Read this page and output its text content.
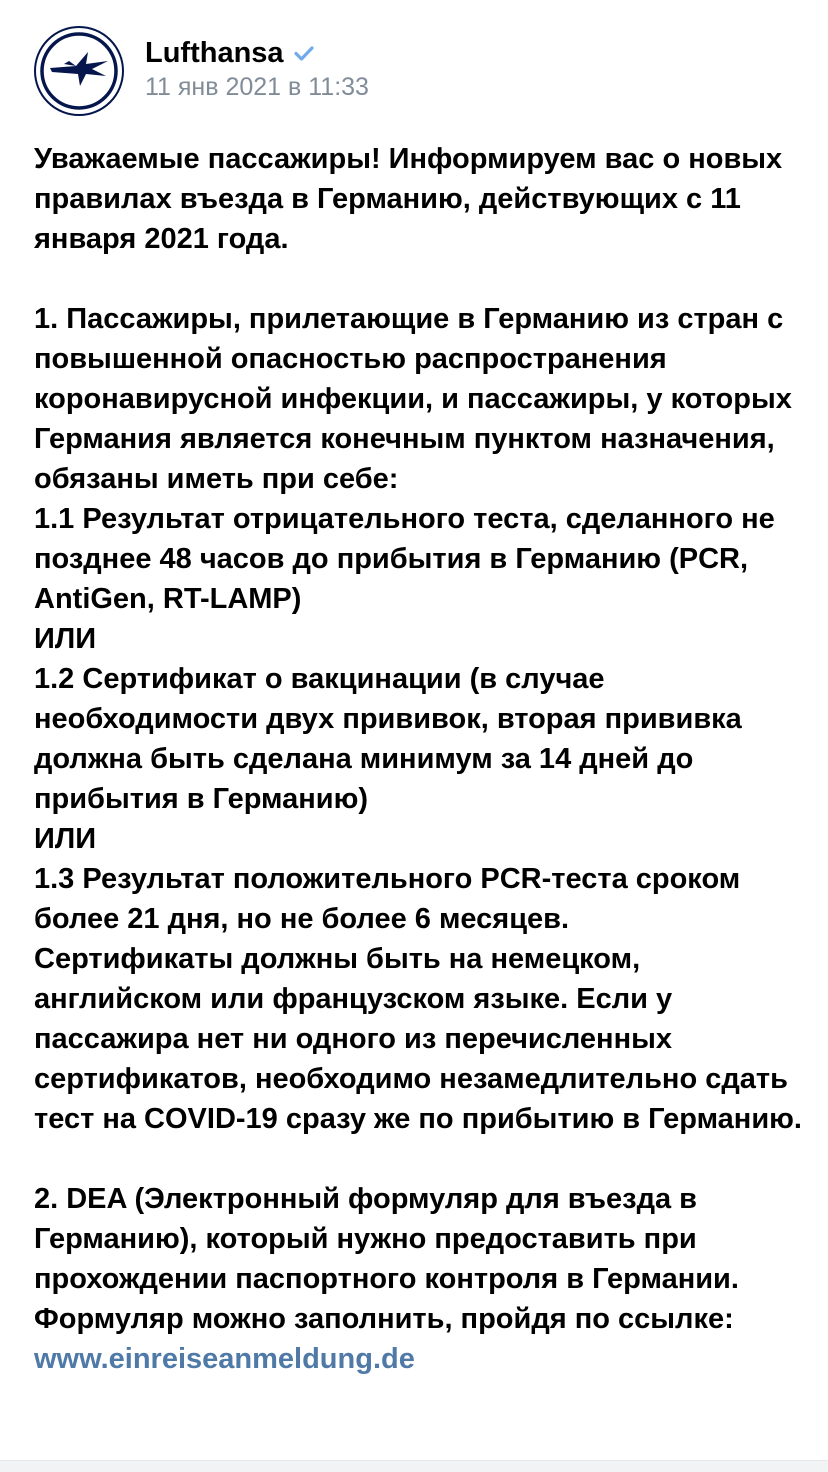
Lufthansa
11 янв 2021 в 11:33

Уважаемые пассажиры! Информируем вас о новых правилах въезда в Германию, действующих с 11 января 2021 года.

1. Пассажиры, прилетающие в Германию из стран с повышенной опасностью распространения коронавирусной инфекции, и пассажиры, у которых Германия является конечным пунктом назначения, обязаны иметь при себе:

1.1 Результат отрицательного теста, сделанного не позднее 48 часов до прибытия в Германию (PCR, AntiGen, RT-LAMP)

ИЛИ

1.2 Сертификат о вакцинации (в случае необходимости двух прививок, вторая прививка должна быть сделана минимум за 14 дней до прибытия в Германию)

ИЛИ

1.3 Результат положительного PCR-теста сроком более 21 дня, но не более 6 месяцев.

Сертификаты должны быть на немецком, английском или французском языке. Если у пассажира нет ни одного из перечисленных сертификатов, необходимо незамедлительно сдать тест на COVID-19 сразу же по прибытию в Германию.

2. DEA (Электронный формуляр для въезда в Германию), который нужно предоставить при прохождении паспортного контроля в Германии. Формуляр можно заполнить, пройдя по ссылке:

www.einreiseanmeldung.de
